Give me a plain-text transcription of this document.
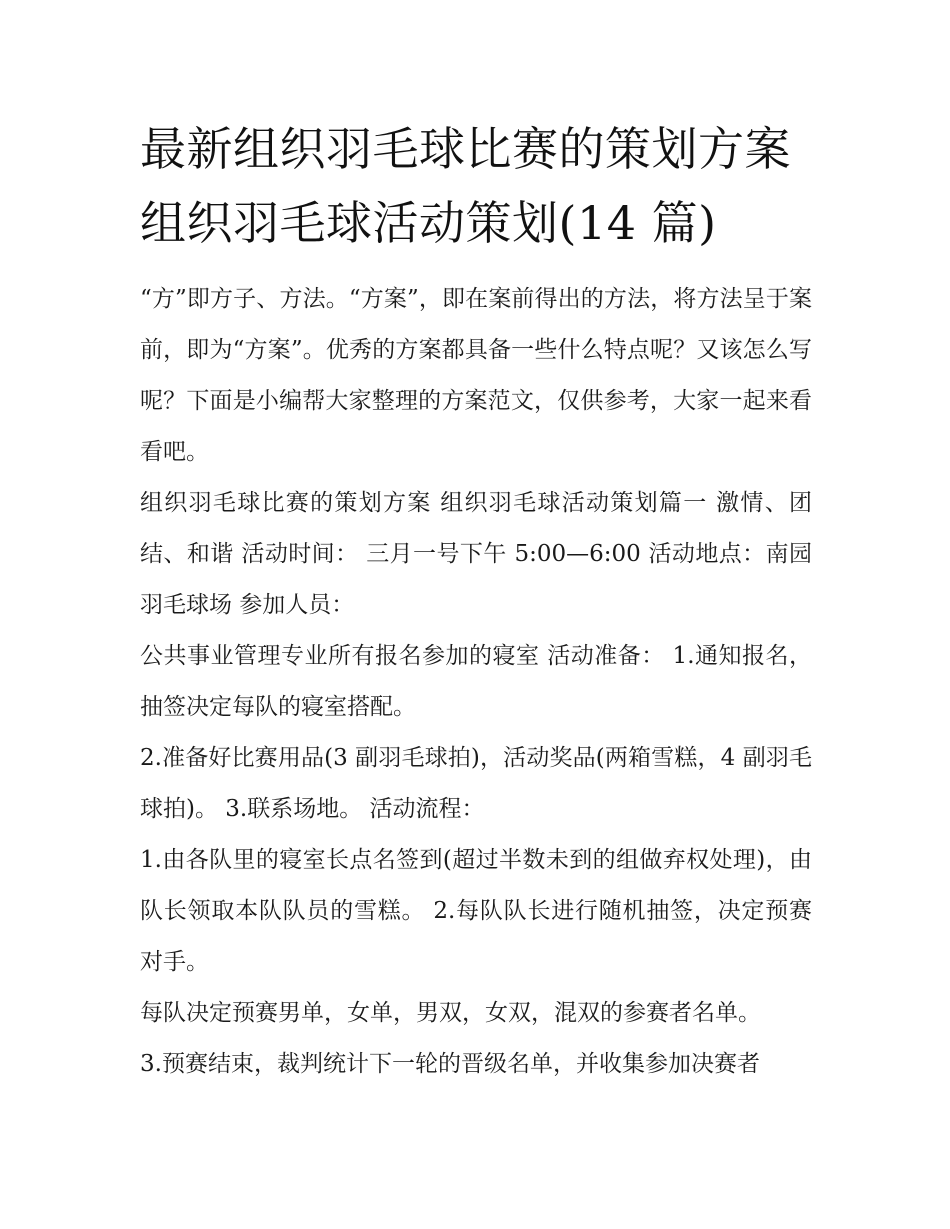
最新组织羽毛球比赛的策划方案 组织羽毛球活动策划(14 篇)

“方”即方子、方法。“方案”，即在案前得出的方法，将方法呈于案前，即为“方案”。优秀的方案都具备一些什么特点呢？又该怎么写呢？下面是小编帮大家整理的方案范文，仅供参考，大家一起来看看吧。

组织羽毛球比赛的策划方案 组织羽毛球活动策划篇一 激情、团结、和谐 活动时间： 三月一号下午 5:00—6:00 活动地点：南园羽毛球场 参加人员：

公共事业管理专业所有报名参加的寝室 活动准备： 1.通知报名，抽签决定每队的寝室搭配。

2.准备好比赛用品(3 副羽毛球拍)，活动奖品(两箱雪糕，4 副羽毛球拍)。 3.联系场地。 活动流程：

1.由各队里的寝室长点名签到(超过半数未到的组做弃权处理)，由队长领取本队队员的雪糕。 2.每队队长进行随机抽签，决定预赛对手。

每队决定预赛男单，女单，男双，女双，混双的参赛者名单。

3.预赛结束，裁判统计下一轮的晋级名单，并收集参加决赛者
